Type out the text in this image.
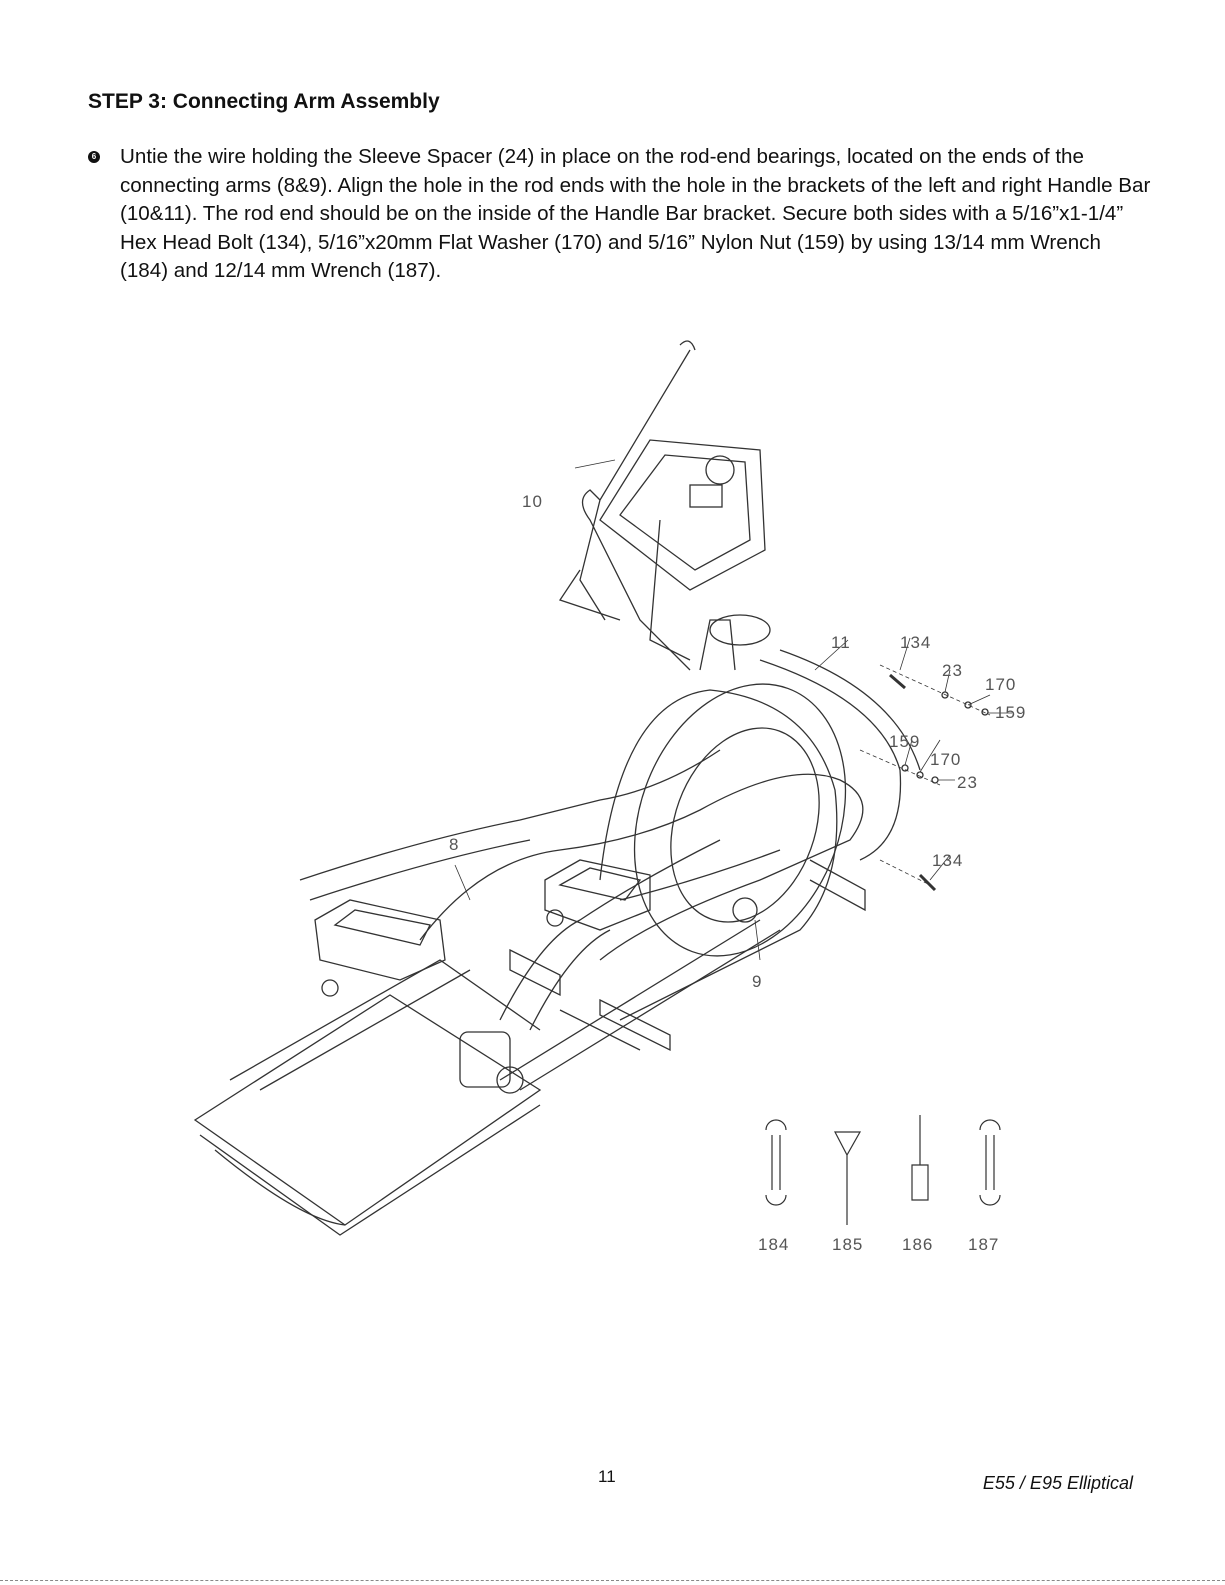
STEP 3: Connecting Arm Assembly
6 Untie the wire holding the Sleeve Spacer (24) in place on the rod-end bearings, located on the ends of the connecting arms (8&9). Align the hole in the rod ends with the hole in the brackets of the left and right Handle Bar (10&11). The rod end should be on the inside of the Handle Bar bracket. Secure both sides with a 5/16”x1-1/4” Hex Head Bolt (134), 5/16”x20mm Flat Washer (170) and 5/16” Nylon Nut (159) by using 13/14 mm Wrench (184) and 12/14 mm Wrench (187).
10
11	134
23
170
159
159
170
23
134
8
9
184	185 186 187
11	E55 / E95 Elliptical
